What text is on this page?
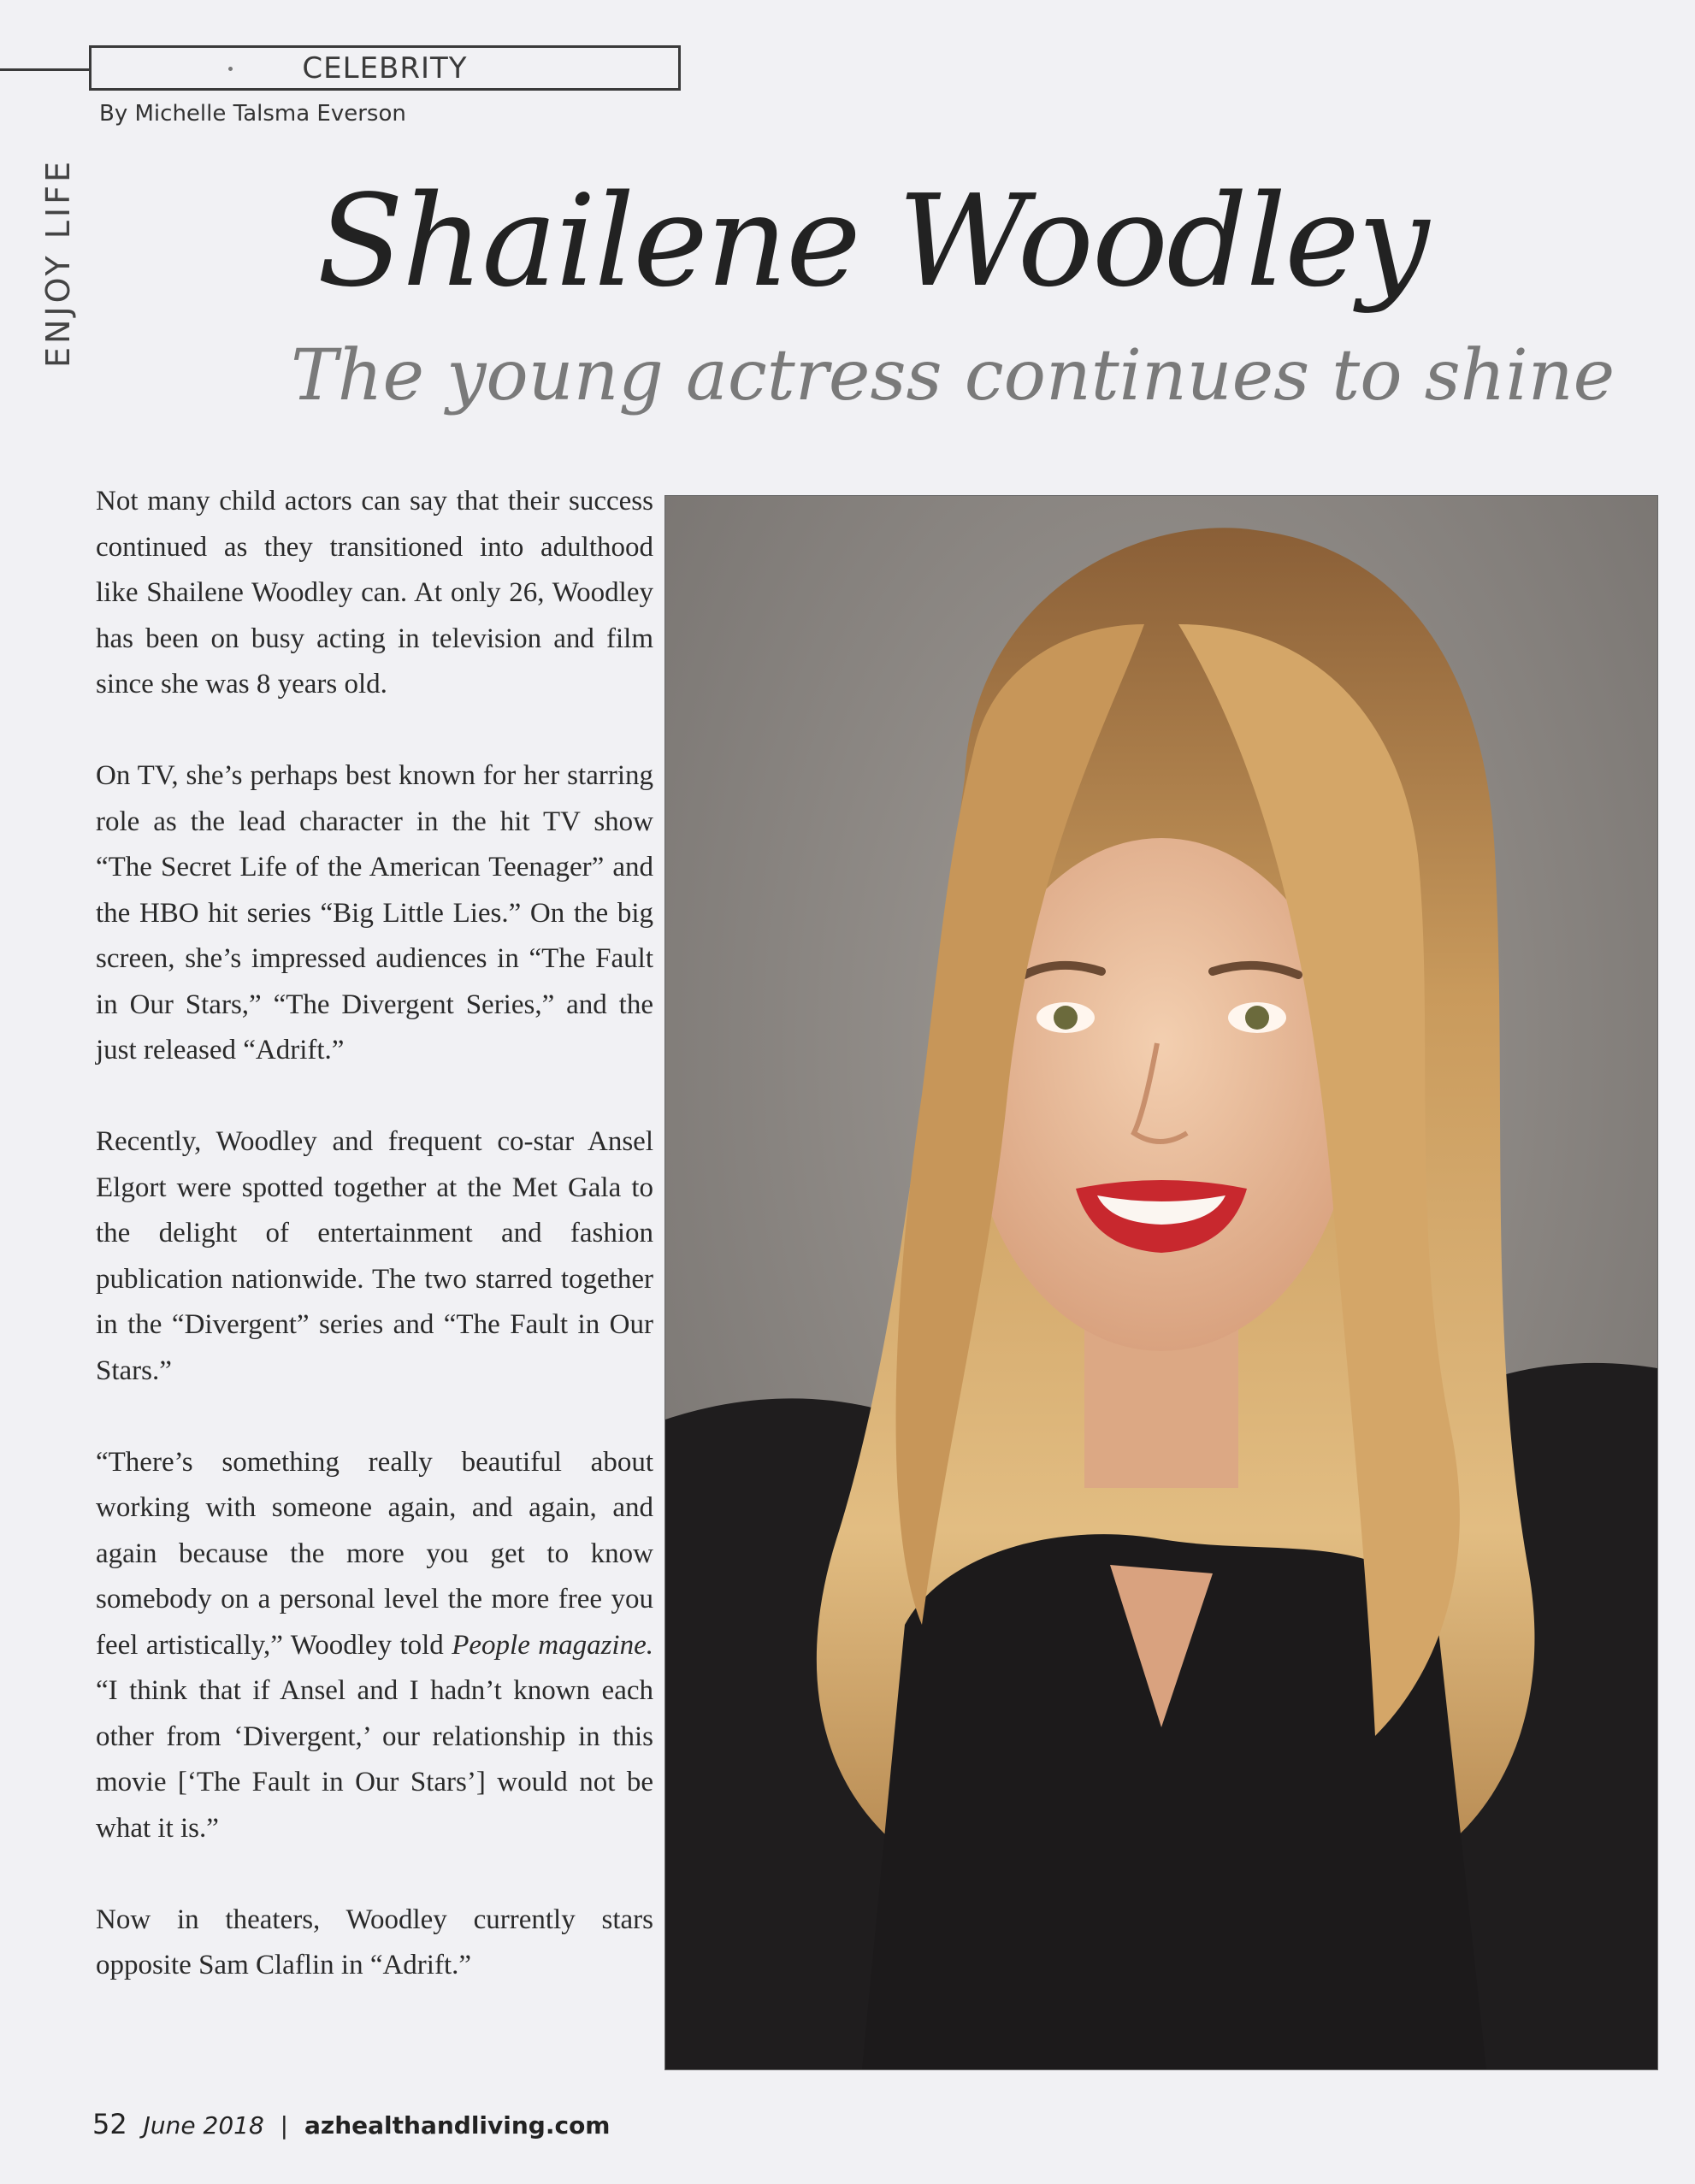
CELEBRITY
By Michelle Talsma Everson
ENJOY LIFE	Shailene Woodley
The young actress continues to shine

Not many child actors can say that their success continued as they transitioned into adulthood like Shailene Woodley can. At only 26, Woodley has been on busy acting in television and film since she was 8 years old.

On TV, she’s perhaps best known for her starring role as the lead character in the hit TV show “The Secret Life of the American Teenager” and the HBO hit series “Big Little Lies.” On the big screen, she’s impressed audiences in “The Fault in Our Stars,” “The Divergent Series,” and the just released “Adrift.”

Recently, Woodley and frequent co-star Ansel Elgort were spotted together at the Met Gala to the delight of entertainment and fashion publication nationwide. The two starred together in the “Divergent” series and “The Fault in Our Stars.”

“There’s something really beautiful about working with someone again, and again, and again because the more you get to know somebody on a personal level the more free you feel artistically,” Woodley told People magazine. “I think that if Ansel and I hadn’t known each other from ‘Divergent,’ our relationship in this movie [‘The Fault in Our Stars’] would not be what it is.”

Now in theaters, Woodley currently stars opposite Sam Claflin in “Adrift.”

52 June 2018 | azhealthandliving.com
